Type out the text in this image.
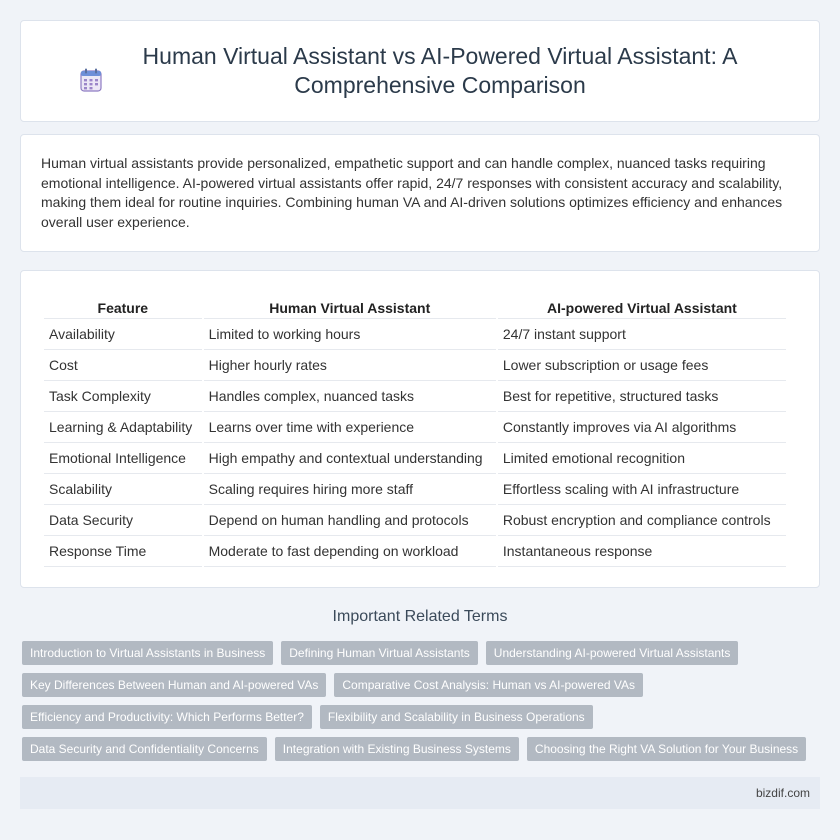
Human Virtual Assistant vs AI-Powered Virtual Assistant: A Comprehensive Comparison

Human virtual assistants provide personalized, empathetic support and can handle complex, nuanced tasks requiring emotional intelligence. AI-powered virtual assistants offer rapid, 24/7 responses with consistent accuracy and scalability, making them ideal for routine inquiries. Combining human VA and AI-driven solutions optimizes efficiency and enhances overall user experience.

Feature	Human Virtual Assistant	AI-powered Virtual Assistant
Availability	Limited to working hours	24/7 instant support
Cost	Higher hourly rates	Lower subscription or usage fees
Task Complexity	Handles complex, nuanced tasks	Best for repetitive, structured tasks
Learning & Adaptability	Learns over time with experience	Constantly improves via AI algorithms
Emotional Intelligence	High empathy and contextual understanding	Limited emotional recognition
Scalability	Scaling requires hiring more staff	Effortless scaling with AI infrastructure
Data Security	Depend on human handling and protocols	Robust encryption and compliance controls
Response Time	Moderate to fast depending on workload	Instantaneous response
Important Related Terms
Introduction to Virtual Assistants in Business	Defining Human Virtual Assistants	Understanding AI-powered Virtual Assistants
Key Differences Between Human and AI-powered VAs	Comparative Cost Analysis: Human vs AI-powered VAs
Efficiency and Productivity: Which Performs Better?	Flexibility and Scalability in Business Operations
Data Security and Confidentiality Concerns	Integration with Existing Business Systems	Choosing the Right VA Solution for Your Business
bizdif.com
